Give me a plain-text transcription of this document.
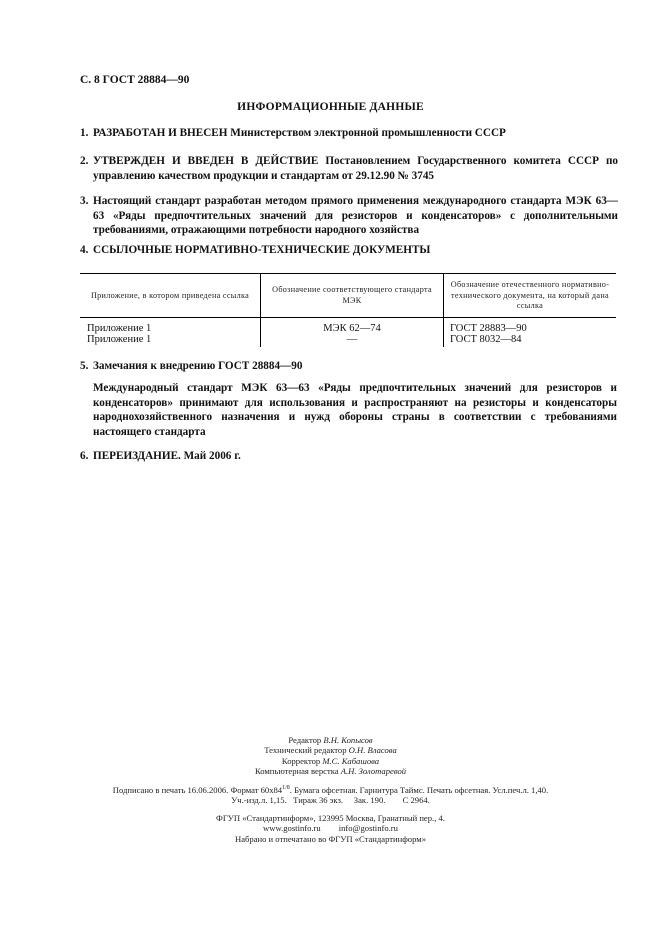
С. 8 ГОСТ 28884—90
ИНФОРМАЦИОННЫЕ ДАННЫЕ
1. РАЗРАБОТАН И ВНЕСЕН Министерством электронной промышленности СССР
2. УТВЕРЖДЕН И ВВЕДЕН В ДЕЙСТВИЕ Постановлением Государственного комитета СССР по управлению качеством продукции и стандартам от 29.12.90 № 3745
3. Настоящий стандарт разработан методом прямого применения международного стандарта МЭК 63—63 «Ряды предпочтительных значений для резисторов и конденсаторов» с дополнительными требованиями, отражающими потребности народного хозяйства
4. ССЫЛОЧНЫЕ НОРМАТИВНО-ТЕХНИЧЕСКИЕ ДОКУМЕНТЫ
Приложение, в котором приведена ссылка	Обозначение соответствующего стандарта МЭК	Обозначение отечественного нормативно-технического документа, на который дана ссылка
Приложение 1	МЭК 62—74	ГОСТ 28883—90
Приложение 1	—	ГОСТ 8032—84
5. Замечания к внедрению ГОСТ 28884—90
Международный стандарт МЭК 63—63 «Ряды предпочтительных значений для резисторов и конденсаторов» принимают для использования и распространяют на резисторы и конденсаторы народнохозяйственного назначения и нужд обороны страны в соответствии с требованиями настоящего стандарта
6. ПЕРЕИЗДАНИЕ. Май 2006 г.
Редактор В.Н. Копысов
Технический редактор О.Н. Власова
Корректор М.С. Кабашова
Компьютерная верстка А.Н. Золотаревой
Подписано в печать 16.06.2006. Формат $60х84^{1/8}$. Бумага офсетная. Гарнитура Таймс. Печать офсетная. Усл.печ.л. 1,40.
Уч.-изд.л. 1,15.   Тираж 36 экз.     Зак. 190.        С 2964.
ФГУП «Стандартинформ», 123995 Москва, Гранатный пер., 4.
www.gostinfo.ru info@gostinfo.ru
Набрано и отпечатано во ФГУП «Стандартинформ»
